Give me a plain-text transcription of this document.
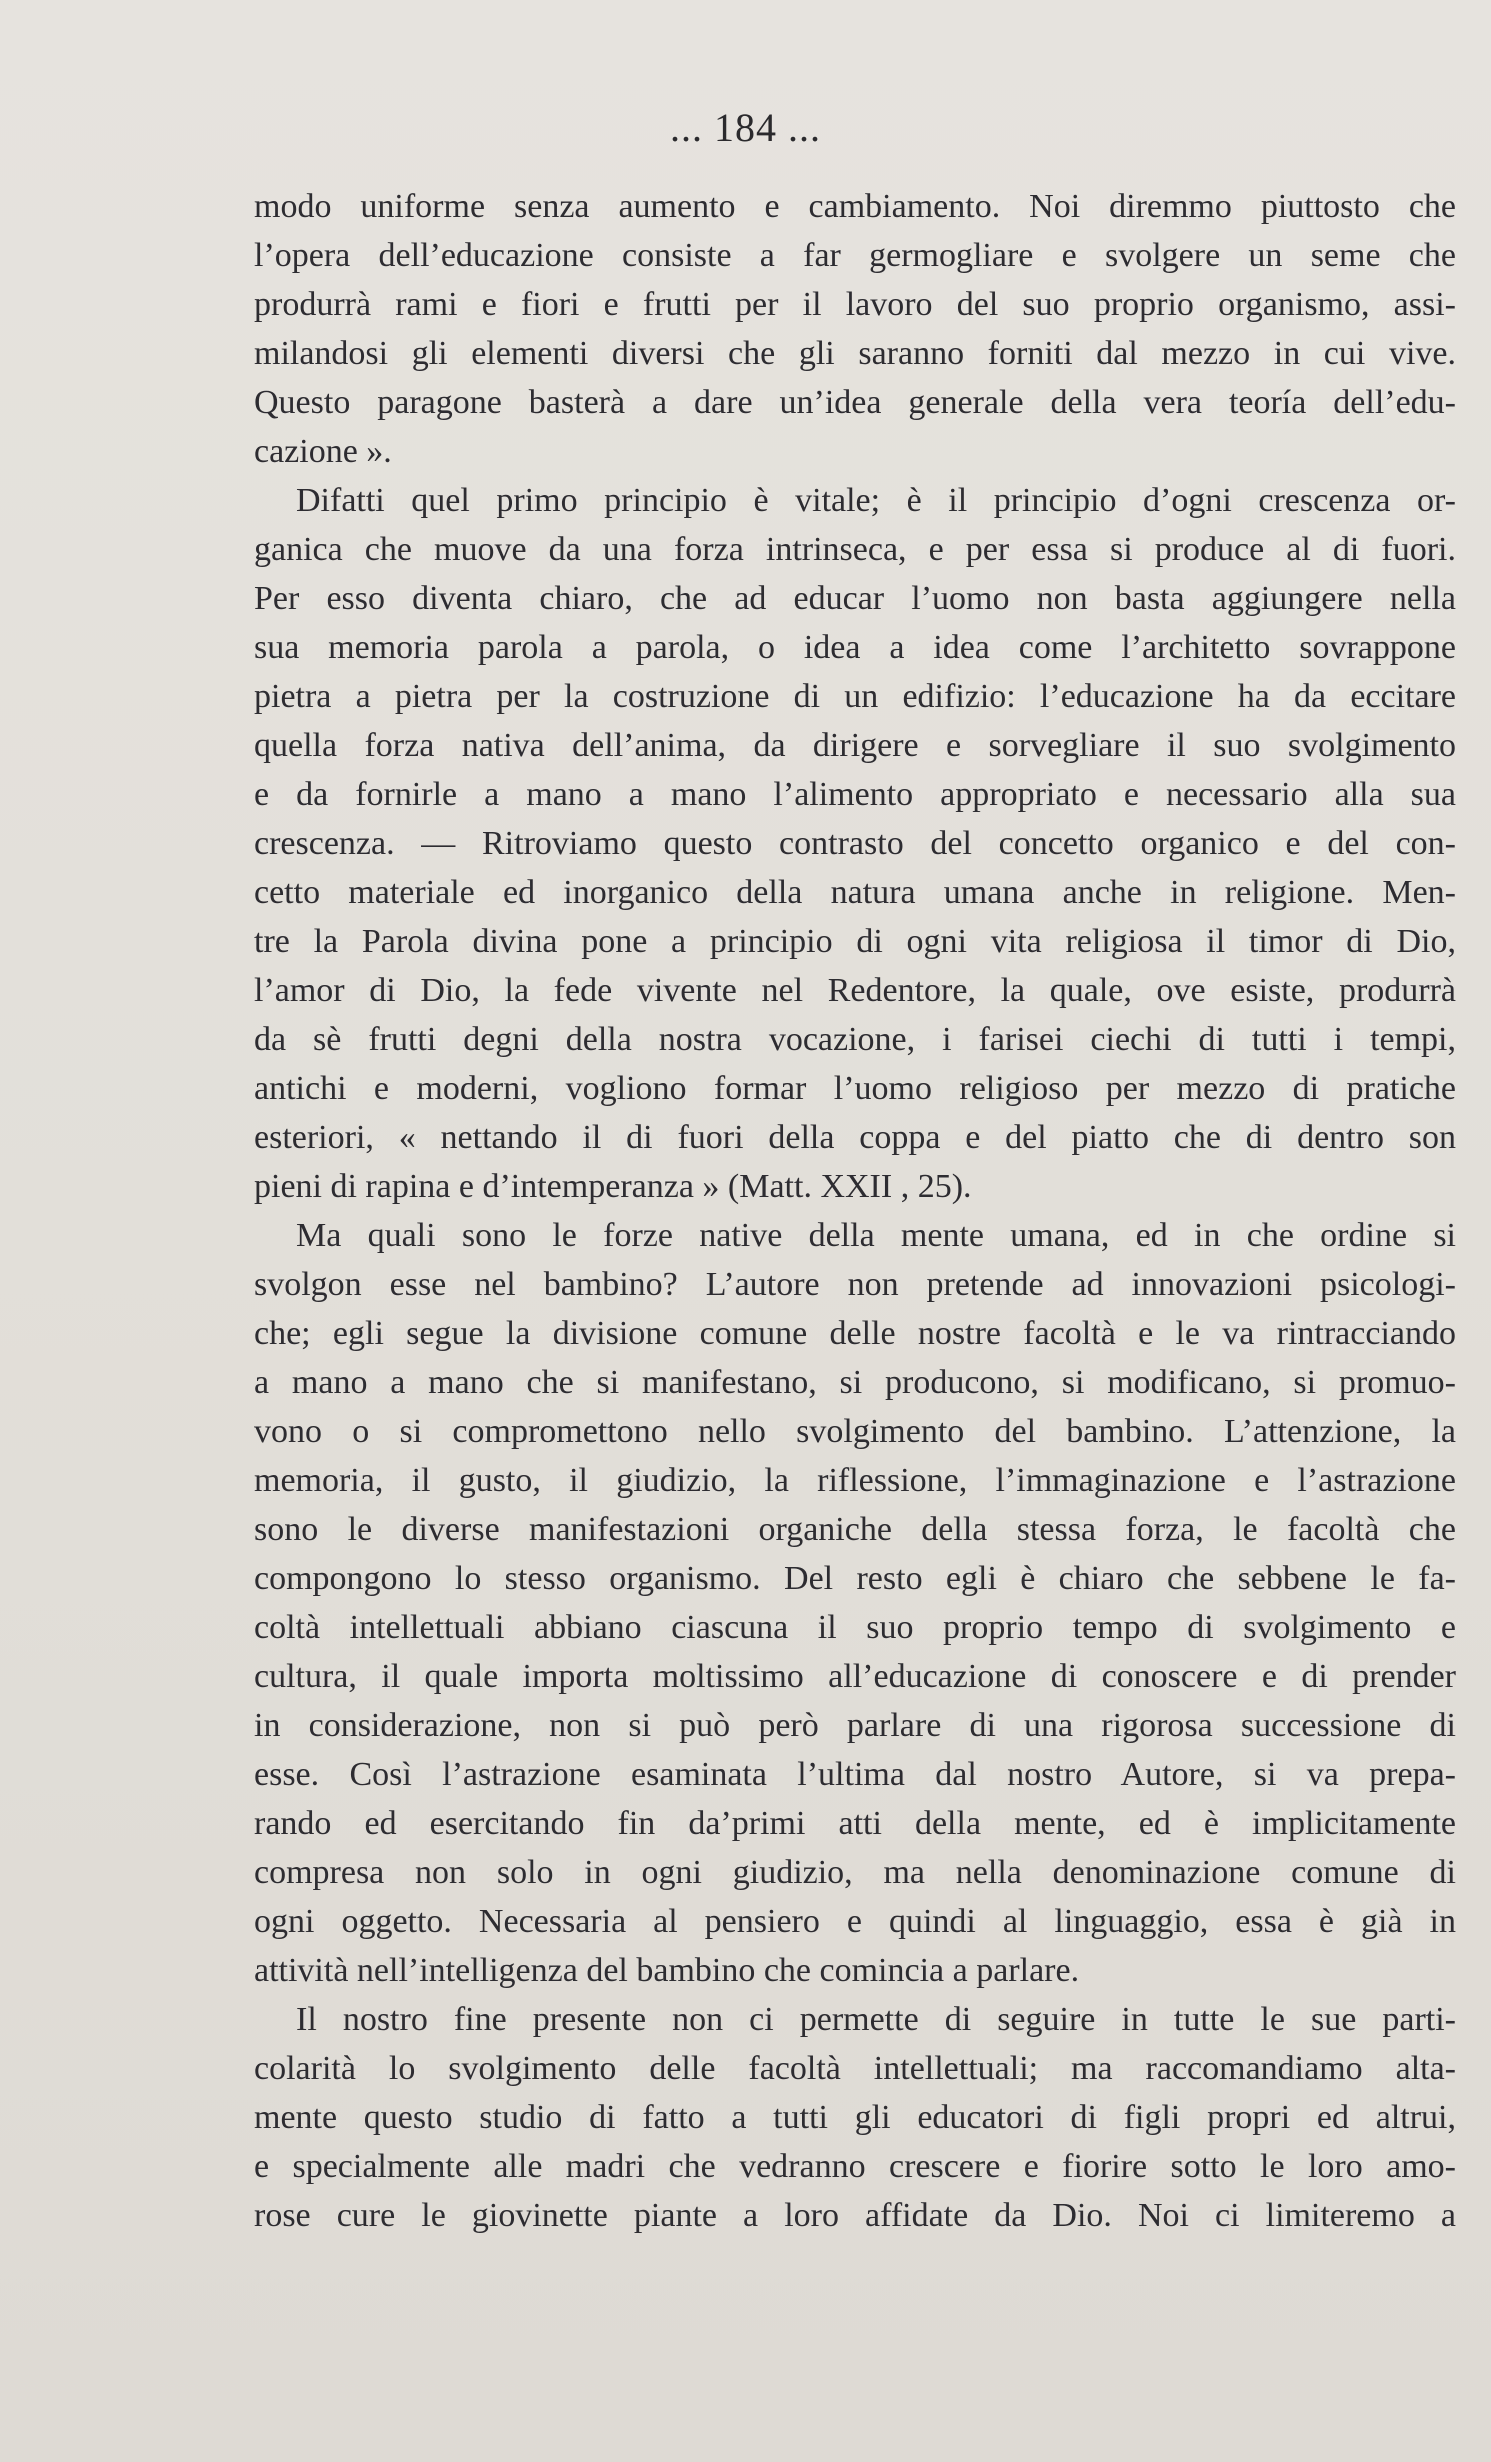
... 184 ...
modo uniforme senza aumento e cambiamento. Noi diremmo piuttosto che
l’opera dell’educazione consiste a far germogliare e svolgere un seme che
produrrà rami e fiori e frutti per il lavoro del suo proprio organismo, assi-
milandosi gli elementi diversi che gli saranno forniti dal mezzo in cui vive.
Questo paragone basterà a dare un’idea generale della vera teoría dell’edu-
cazione ».
Difatti quel primo principio è vitale; è il principio d’ogni crescenza or-
ganica che muove da una forza intrinseca, e per essa si produce al di fuori.
Per esso diventa chiaro, che ad educar l’uomo non basta aggiungere nella
sua memoria parola a parola, o idea a idea come l’architetto sovrappone
pietra a pietra per la costruzione di un edifizio: l’educazione ha da eccitare
quella forza nativa dell’anima, da dirigere e sorvegliare il suo svolgimento
e da fornirle a mano a mano l’alimento appropriato e necessario alla sua
crescenza. — Ritroviamo questo contrasto del concetto organico e del con-
cetto materiale ed inorganico della natura umana anche in religione. Men-
tre la Parola divina pone a principio di ogni vita religiosa il timor di Dio,
l’amor di Dio, la fede vivente nel Redentore, la quale, ove esiste, produrrà
da sè frutti degni della nostra vocazione, i farisei ciechi di tutti i tempi,
antichi e moderni, vogliono formar l’uomo religioso per mezzo di pratiche
esteriori, « nettando il di fuori della coppa e del piatto che di dentro son
pieni di rapina e d’intemperanza » (Matt. XXII , 25).
Ma quali sono le forze native della mente umana, ed in che ordine si
svolgon esse nel bambino? L’autore non pretende ad innovazioni psicologi-
che; egli segue la divisione comune delle nostre facoltà e le va rintracciando
a mano a mano che si manifestano, si producono, si modificano, si promuo-
vono o si compromettono nello svolgimento del bambino. L’attenzione, la
memoria, il gusto, il giudizio, la riflessione, l’immaginazione e l’astrazione
sono le diverse manifestazioni organiche della stessa forza, le facoltà che
compongono lo stesso organismo. Del resto egli è chiaro che sebbene le fa-
coltà intellettuali abbiano ciascuna il suo proprio tempo di svolgimento e
cultura, il quale importa moltissimo all’educazione di conoscere e di prender
in considerazione, non si può però parlare di una rigorosa successione di
esse. Così l’astrazione esaminata l’ultima dal nostro Autore, si va prepa-
rando ed esercitando fin da’primi atti della mente, ed è implicitamente
compresa non solo in ogni giudizio, ma nella denominazione comune di
ogni oggetto. Necessaria al pensiero e quindi al linguaggio, essa è già in
attività nell’intelligenza del bambino che comincia a parlare.
Il nostro fine presente non ci permette di seguire in tutte le sue parti-
colarità lo svolgimento delle facoltà intellettuali; ma raccomandiamo alta-
mente questo studio di fatto a tutti gli educatori di figli propri ed altrui,
e specialmente alle madri che vedranno crescere e fiorire sotto le loro amo-
rose cure le giovinette piante a loro affidate da Dio. Noi ci limiteremo a
